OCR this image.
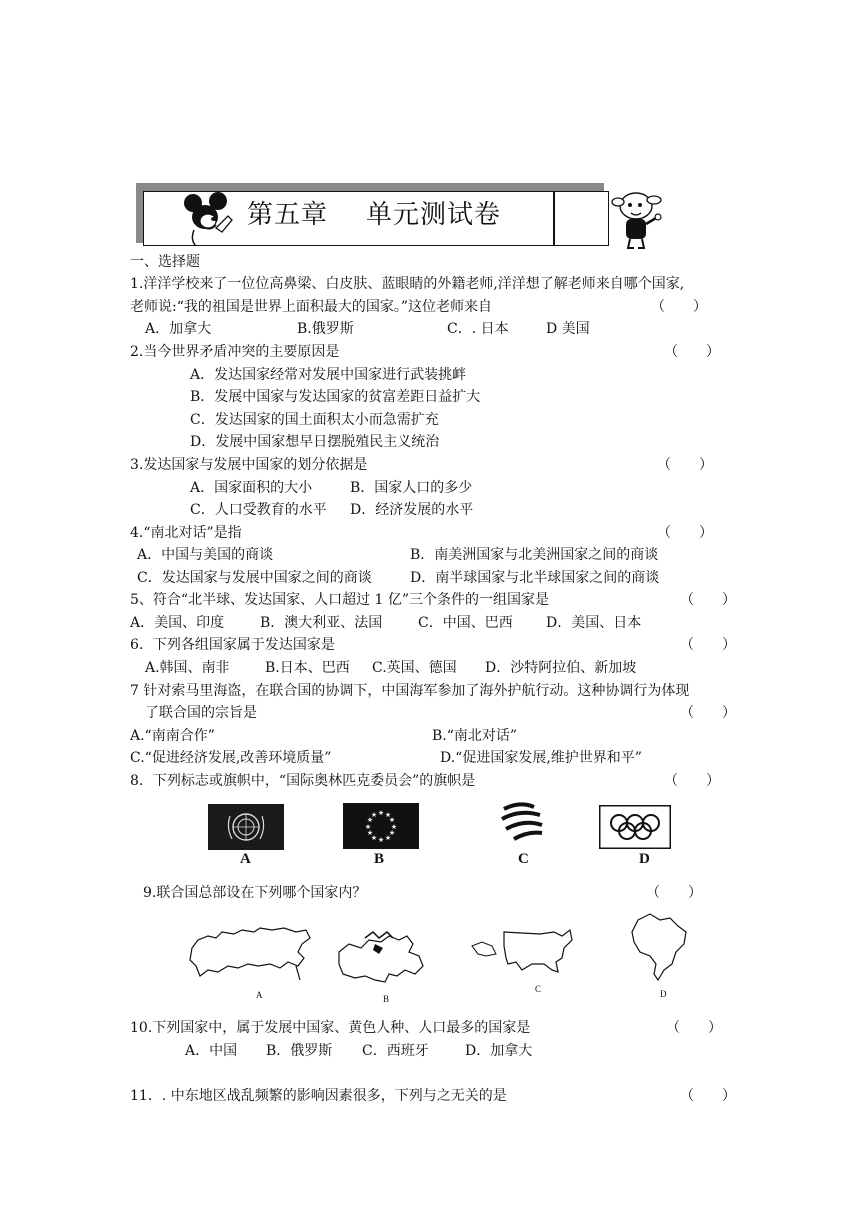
第五章 单元测试卷
一、选择题
1.洋洋学校来了一位位高鼻梁、白皮肤、蓝眼睛的外籍老师,洋洋想了解老师来自哪个国家,
老师说:“我的祖国是世界上面积最大的国家。”这位老师来自	（　　）
A．加拿大	B.俄罗斯	C．. 日本	D 美国
2.当今世界矛盾冲突的主要原因是	（　　）
A．发达国家经常对发展中国家进行武装挑衅
B．发展中国家与发达国家的贫富差距日益扩大
C．发达国家的国土面积太小而急需扩充
D．发展中国家想早日摆脱殖民主义统治
3.发达国家与发展中国家的划分依据是	（　　）
A．国家面积的大小	B．国家人口的多少
C．人口受教育的水平 D．经济发展的水平
4.“南北对话”是指	（　　）
A．中国与美国的商谈	B．南美洲国家与北美洲国家之间的商谈
C．发达国家与发展中国家之间的商谈	D．南半球国家与北半球国家之间的商谈
5、符合“北半球、发达国家、人口超过 1 亿”三个条件的一组国家是	（　　）
A．美国、印度	B．澳大利亚、法国	C．中国、巴西 D．美国、日本
6．下列各组国家属于发达国家是	（　　）
A.韩国、南非	B.日本、巴西 C.英国、德国 D．沙特阿拉伯、新加坡
7 针对索马里海盗，在联合国的协调下，中国海军参加了海外护航行动。这种协调行为体现
了联合国的宗旨是	（　　）
A.“南南合作”	B.“南北对话”
C.“促进经济发展,改善环境质量”	D.“促进国家发展,维护世界和平”
8．下列标志或旗帜中，“国际奥林匹克委员会”的旗帜是	（　　）
A
★ ★
★
★
★
★
★
★
★
★
★
★
B	C	D
9.联合国总部设在下列哪个国家内？	（　　）
A	B
C	D
10.下列国家中，属于发展中国家、黄色人种、人口最多的国家是	（　　）
A．中国 B．俄罗斯 C．西班牙	D．加拿大
11．. 中东地区战乱频繁的影响因素很多，下列与之无关的是	（　　）
